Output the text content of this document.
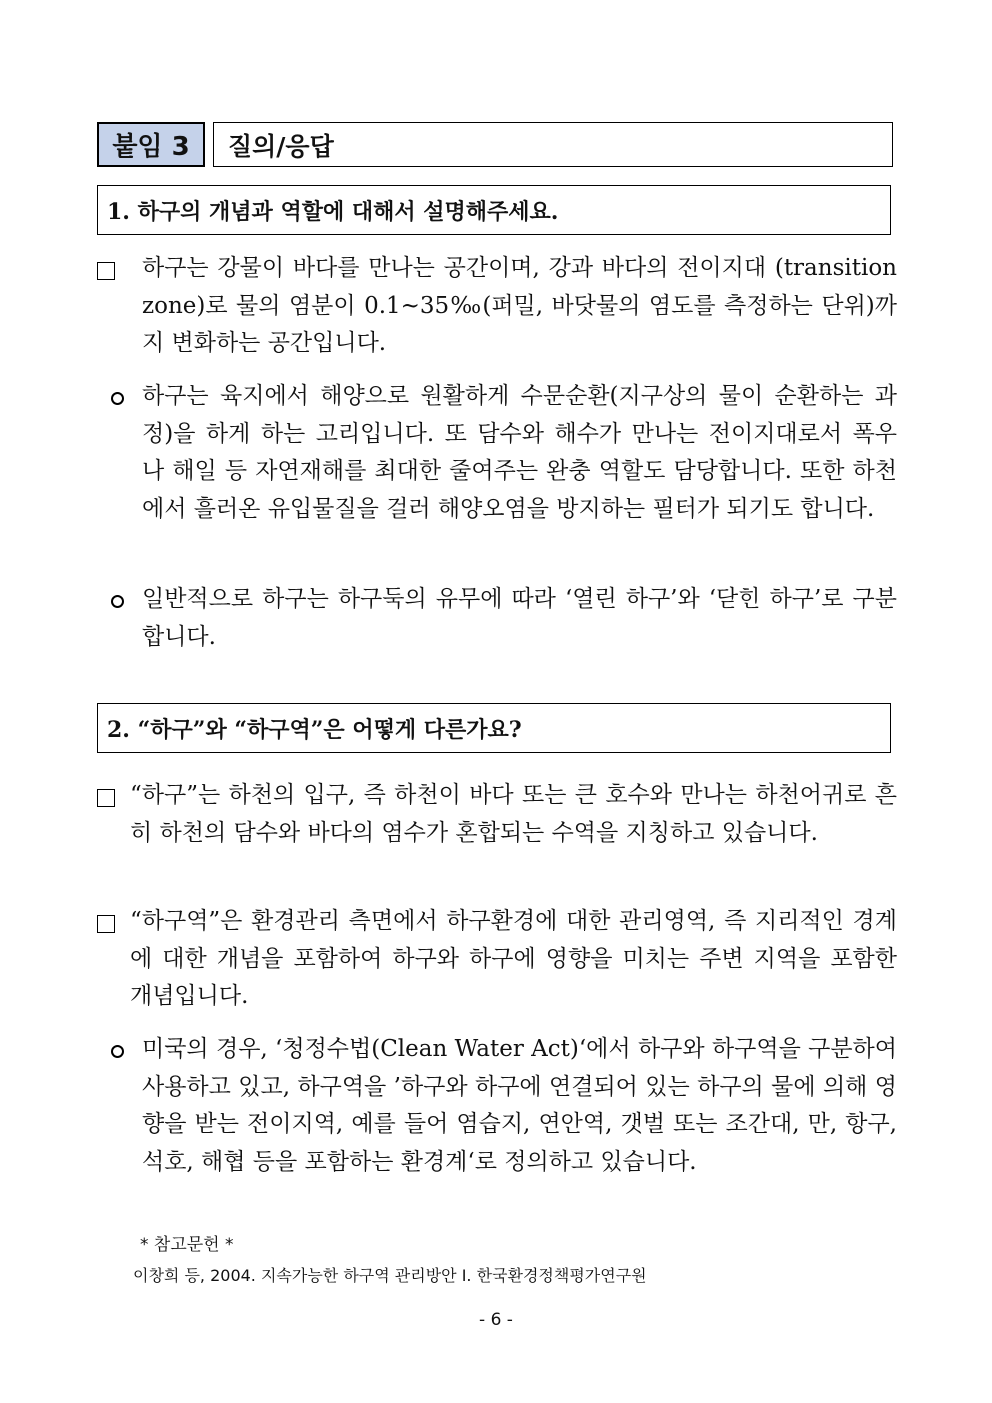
붙임 3	질의/응답
1. 하구의 개념과 역할에 대해서 설명해주세요.
하구는 강물이 바다를 만나는 공간이며, 강과 바다의 전이지대 (transition zone)로 물의 염분이 0.1~35‰(퍼밀, 바닷물의 염도를 측정하는 단위)까지 변화하는 공간입니다.
하구는 육지에서 해양으로 원활하게 수문순환(지구상의 물이 순환하는 과정)을 하게 하는 고리입니다. 또 담수와 해수가 만나는 전이지대로서 폭우 나 해일 등 자연재해를 최대한 줄여주는 완충 역할도 담당합니다. 또한 하천에서 흘러온 유입물질을 걸러 해양오염을 방지하는 필터가 되기도 합니다.
일반적으로 하구는 하구둑의 유무에 따라 ‘열린 하구’와 ‘닫힌 하구’로 구분합니다.
2. “하구”와 “하구역”은 어떻게 다른가요?
“하구”는 하천의 입구, 즉 하천이 바다 또는 큰 호수와 만나는 하천어귀로 흔히 하천의 담수와 바다의 염수가 혼합되는 수역을 지칭하고 있습니다.
“하구역”은 환경관리 측면에서 하구환경에 대한 관리영역, 즉 지리적인 경계에 대한 개념을 포함하여 하구와 하구에 영향을 미치는 주변 지역을 포함한 개념입니다.
미국의 경우, ‘청정수법(Clean Water Act)‘에서 하구와 하구역을 구분하여 사용하고 있고, 하구역을 ’하구와 하구에 연결되어 있는 하구의 물에 의해 영향을 받는 전이지역, 예를 들어 염습지, 연안역, 갯벌 또는 조간대, 만, 항구, 석호, 해협 등을 포함하는 환경계‘로 정의하고 있습니다.
* 참고문헌 *
이창희 등, 2004. 지속가능한 하구역 관리방안 I. 한국환경정책평가연구원
- 6 -
